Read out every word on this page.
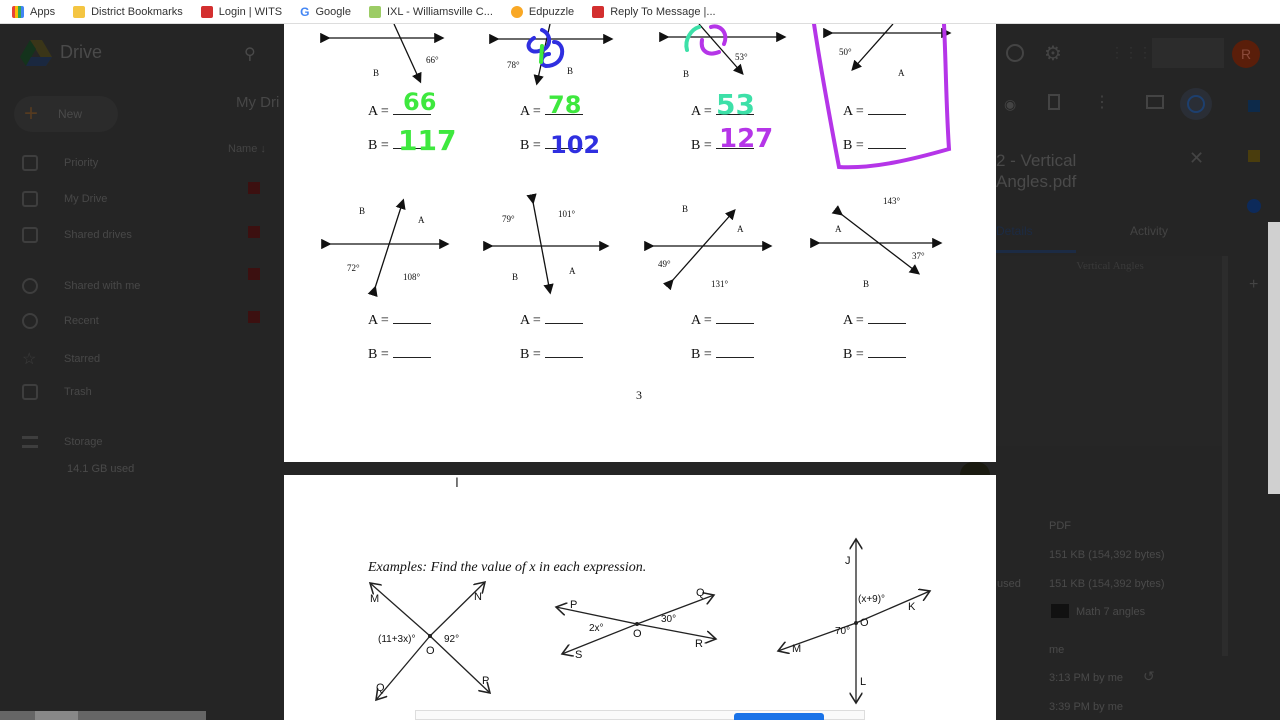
Apps	District Bookmarks	Login | WITS G Google	IXL - Williamsville C...	Edpuzzle	Reply To Message |...
Drive	⚲
+ New
My Dri
Name ↓
Priority
My Drive
Shared drives
Shared with me
Recent
☆	Starred
Trash
Storage
14.1 GB used
⚙	⋮⋮⋮	R
◉	⋮
+
2 - Vertical
Angles.pdf
✕
Details	Activity
Vertical Angles
PDF
151 KB (154,392 bytes)
used	151 KB (154,392 bytes)
Math 7 angles
me
3:13 PM by me ↺
3:39 PM by me
66°
B
78°
B
53°
B
50°
A
A =
B =
A =
B =
A =
B =
A =
B =
66
117
78
102
53
127
B
A
72°
108°
79°	101°
B
A
B
A
49°
131°
143°
A
37°
B
A =
B =
A =
B =
A =
B =
A =
B =
3
Examples: Find the value of x in each expression.
M	N
Q
P
O
(11+3x)°	92°
P
Q
S
R
O
2x°
30°
J
K
M
L
O
(x+9)°
70°
I
